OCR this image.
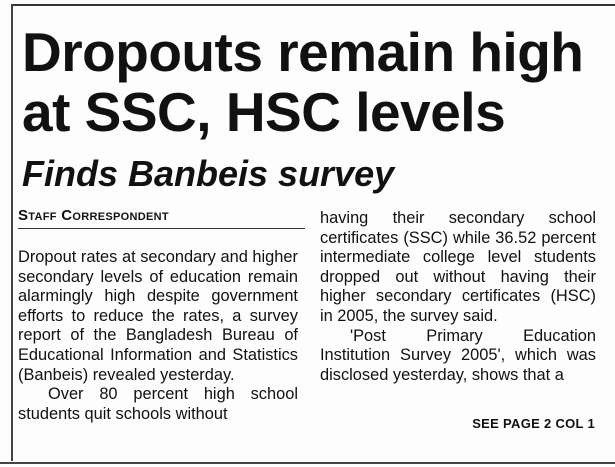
Dropouts remain high at SSC, HSC levels
Finds Banbeis survey
Staff Correspondent

Dropout rates at secondary and higher secondary levels of education remain alarmingly high despite government efforts to reduce the rates, a survey report of the Bangladesh Bureau of Educational Information and Statistics (Banbeis) revealed yesterday.

Over 80 percent high school students quit schools without

having their secondary school certificates (SSC) while 36.52 percent intermediate college level students dropped out without having their higher secondary certificates (HSC) in 2005, the survey said.

'Post Primary Education Institution Survey 2005', which was disclosed yesterday, shows that a

SEE PAGE 2 COL 1
